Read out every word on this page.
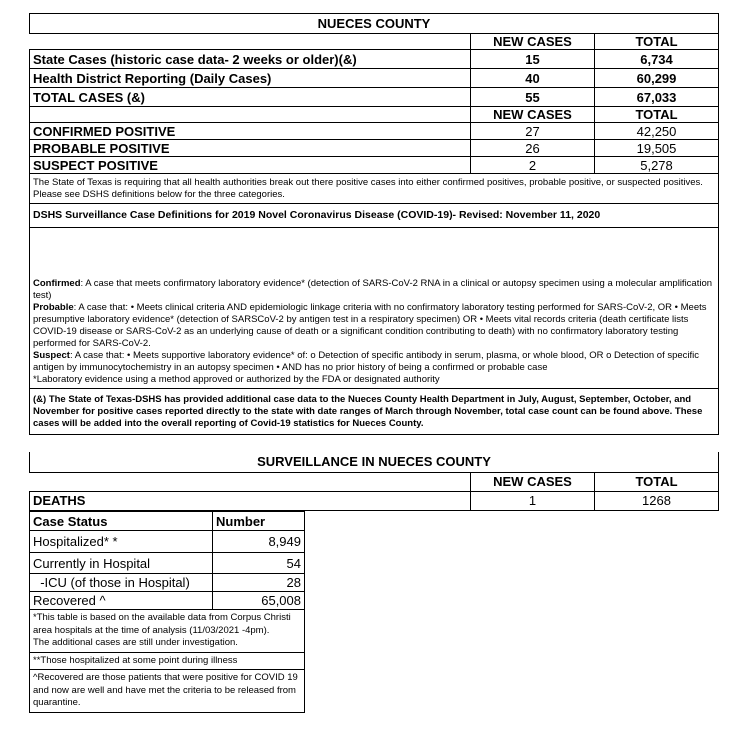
NUECES COUNTY		
	NEW CASES	TOTAL
State Cases (historic case data- 2 weeks or older)(&)	15	6,734
Health District Reporting (Daily Cases)	40	60,299
TOTAL CASES (&)	55	67,033
	NEW CASES	TOTAL
CONFIRMED POSITIVE	27	42,250
PROBABLE POSITIVE	26	19,505
SUSPECT POSITIVE	2	5,278
The State of Texas is requiring that all health authorities break out there positive cases into either confirmed positives, probable positive, or suspected positives. Please see DSHS definitions below for the three categories.		
DSHS Surveillance Case Definitions for 2019 Novel Coronavirus Disease (COVID-19)- Revised: November 11, 2020		

Confirmed: A case that meets confirmatory laboratory evidence* (detection of SARS-CoV-2 RNA in a clinical or autopsy specimen using a molecular amplification test)
Probable: A case that: • Meets clinical criteria AND epidemiologic linkage criteria with no confirmatory laboratory testing performed for SARS-CoV-2, OR • Meets presumptive laboratory evidence* (detection of SARSCoV-2 by antigen test in a respiratory specimen) OR • Meets vital records criteria (death certificate lists COVID-19 disease or SARS-CoV-2 as an underlying cause of death or a significant condition contributing to death) with no confirmatory laboratory testing performed for SARS-CoV-2.
Suspect: A case that: • Meets supportive laboratory evidence* of: o Detection of specific antibody in serum, plasma, or whole blood, OR o Detection of specific antigen by immunocytochemistry in an autopsy specimen • AND has no prior history of being a confirmed or probable case
*Laboratory evidence using a method approved or authorized by the FDA or designated authority		

(&) The State of Texas-DSHS has provided additional case data to the Nueces County Health Department in July, August, September, October, and November for positive cases reported directly to the state with date ranges of March through November, total case count can be found above. These cases will be added into the overall reporting of Covid-19 statistics for Nueces County.		
SURVEILLANCE IN NUECES COUNTY		
	NEW CASES	TOTAL
DEATHS	1	1268
Case Status	Number
Hospitalized* *	8,949
Currently in Hospital	54
-ICU (of those in Hospital)	28
Recovered ^	65,008

*This table is based on the available data from Corpus Christi area hospitals at the time of analysis (11/03/2021 -4pm).
The additional cases are still under investigation.	

**Those hospitalized at some point during illness	
^Recovered are those patients that were positive for COVID 19 and now are well and have met the criteria to be released from quarantine.	
